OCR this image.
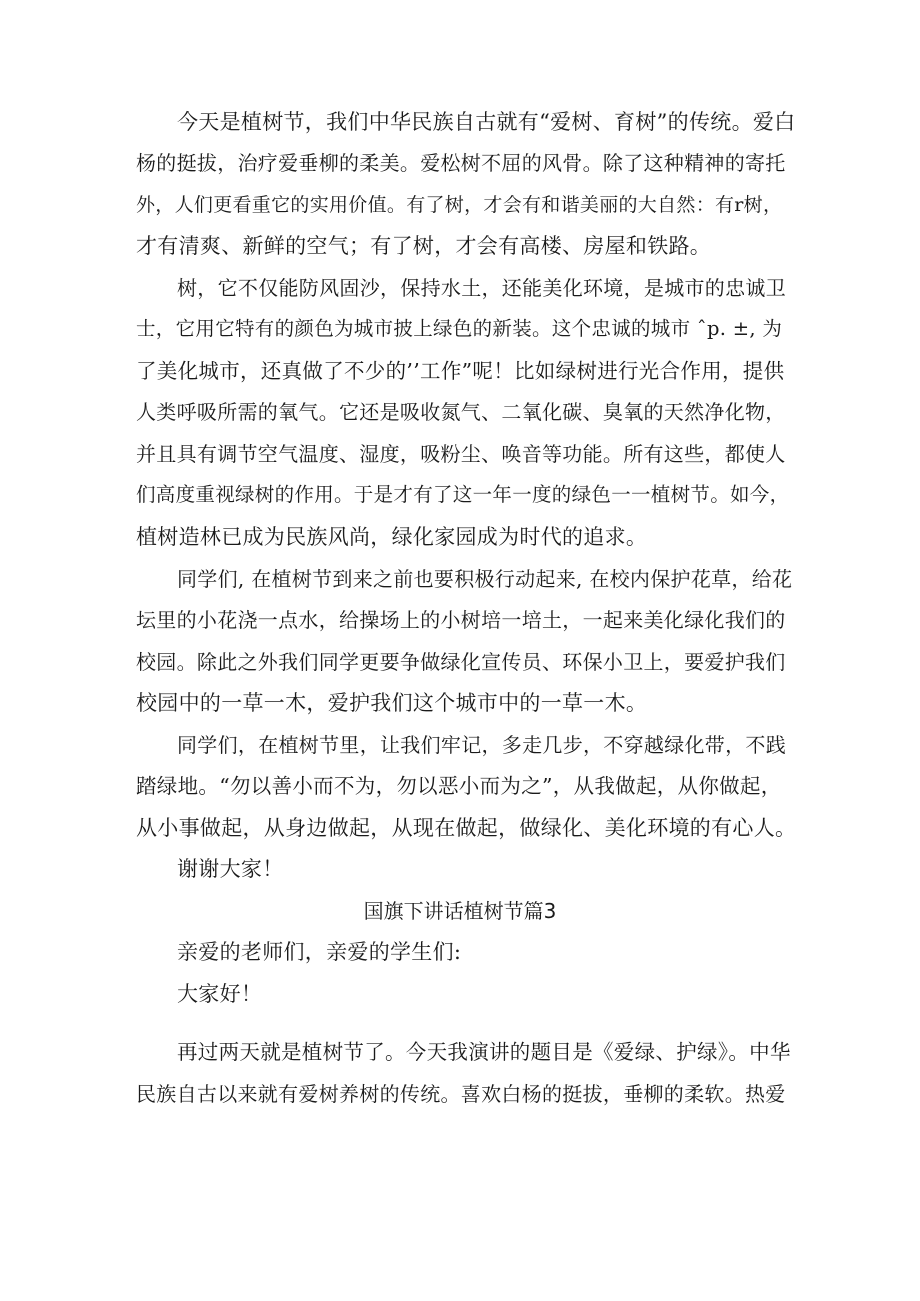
今天是植树节，我们中华民族自古就有“爱树、育树”的传统。爱白
杨的挺拔，治疗爱垂柳的柔美。爱松树不屈的风骨。除了这种精神的寄托
外，人们更看重它的实用价值。有了树，才会有和谐美丽的大自然：有r树，
才有清爽、新鲜的空气；有了树，才会有高楼、房屋和铁路。
树，它不仅能防风固沙，保持水土，还能美化环境，是城市的忠诚卫
士，它用它特有的颜色为城市披上绿色的新装。这个忠诚的城市 ˆp. ±, 为
了美化城市，还真做了不少的’’工作”呢！比如绿树进行光合作用，提供
人类呼吸所需的氧气。它还是吸收氮气、二氧化碳、臭氧的天然净化物，
并且具有调节空气温度、湿度，吸粉尘、唤音等功能。所有这些，都使人
们高度重视绿树的作用。于是才有了这一年一度的绿色一一植树节。如今，
植树造林已成为民族风尚，绿化家园成为时代的追求。
同学们, 在植树节到来之前也要积极行动起来, 在校内保护花草，给花
坛里的小花浇一点水，给操场上的小树培一培土，一起来美化绿化我们的
校园。除此之外我们同学更要争做绿化宣传员、环保小卫上，要爱护我们
校园中的一草一木，爱护我们这个城市中的一草一木。
同学们，在植树节里，让我们牢记，多走几步，不穿越绿化带，不践
踏绿地。“勿以善小而不为，勿以恶小而为之”，从我做起，从你做起，
从小事做起，从身边做起，从现在做起，做绿化、美化环境的有心人。
谢谢大家！
国旗下讲话植树节篇3
亲爱的老师们，亲爱的学生们:
大家好！
再过两天就是植树节了。今天我演讲的题目是《爱绿、护绿》。中华
民族自古以来就有爱树养树的传统。喜欢白杨的挺拔，垂柳的柔软。热爱
